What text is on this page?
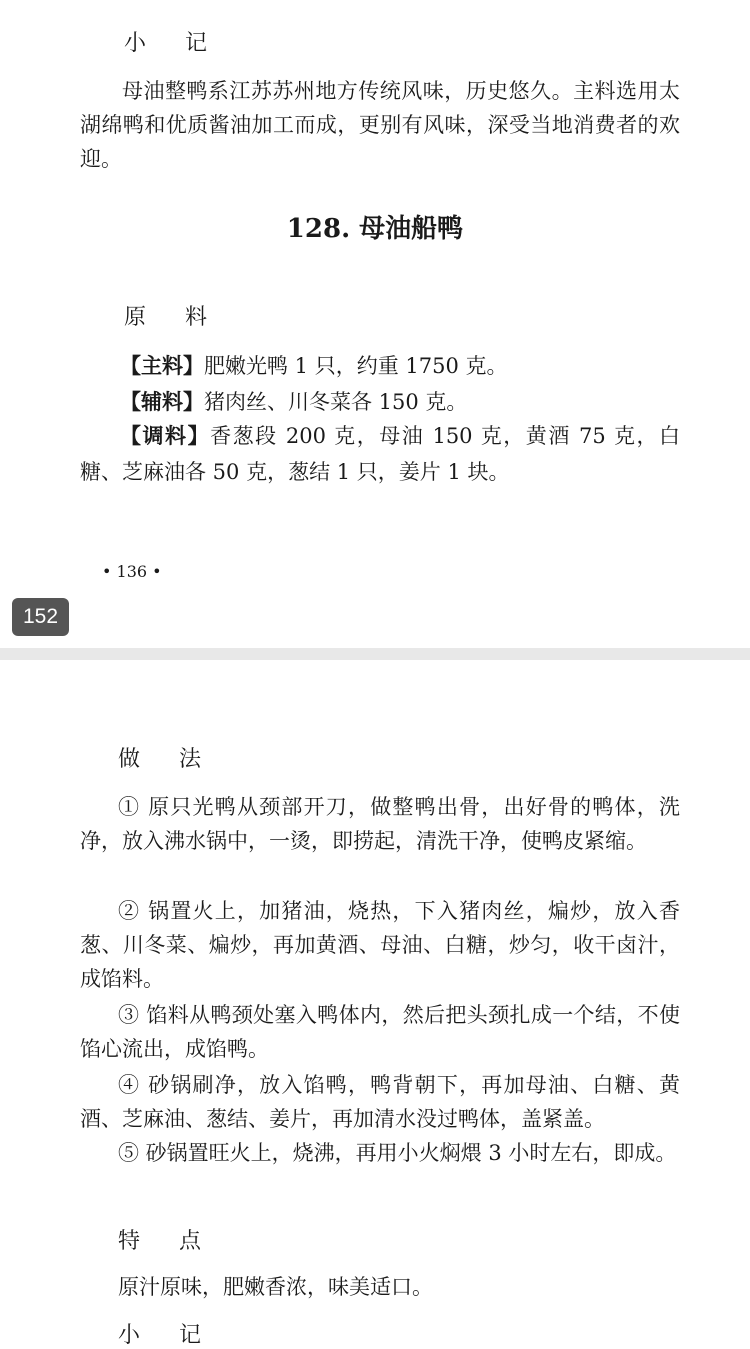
小 记

母油整鸭系江苏苏州地方传统风味，历史悠久。主料选用太湖绵鸭和优质酱油加工而成，更别有风味，深受当地消费者的欢迎。

128. 母油船鸭
原 料
【主料】肥嫩光鸭 1 只，约重 1750 克。
【辅料】猪肉丝、川冬菜各 150 克。
【调料】香葱段 200 克，母油 150 克，黄酒 75 克，白糖、芝麻油各 50 克，葱结 1 只，姜片 1 块。
• 136 •
152
做 法

① 原只光鸭从颈部开刀，做整鸭出骨，出好骨的鸭体，洗净，放入沸水锅中，一烫，即捞起，清洗干净，使鸭皮紧缩。

② 锅置火上，加猪油，烧热，下入猪肉丝，煸炒，放入香葱、川冬菜、煸炒，再加黄酒、母油、白糖，炒匀，收干卤汁，成馅料。

③ 馅料从鸭颈处塞入鸭体内，然后把头颈扎成一个结，不使馅心流出，成馅鸭。

④ 砂锅刷净，放入馅鸭，鸭背朝下，再加母油、白糖、黄酒、芝麻油、葱结、姜片，再加清水没过鸭体，盖紧盖。

⑤ 砂锅置旺火上，烧沸，再用小火焖煨 3 小时左右，即成。

特 点

原汁原味，肥嫩香浓，味美适口。

小 记
